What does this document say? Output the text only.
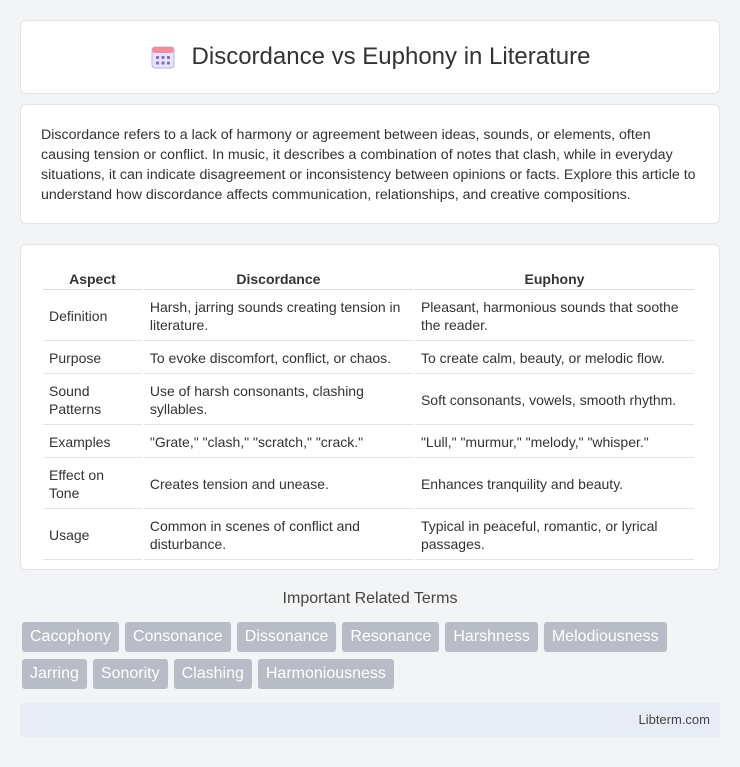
Discordance vs Euphony in Literature

Discordance refers to a lack of harmony or agreement between ideas, sounds, or elements, often causing tension or conflict. In music, it describes a combination of notes that clash, while in everyday situations, it can indicate disagreement or inconsistency between opinions or facts. Explore this article to understand how discordance affects communication, relationships, and creative compositions.

Aspect	Discordance	Euphony
Definition	Harsh, jarring sounds creating tension in literature.	Pleasant, harmonious sounds that soothe the reader.
Purpose	To evoke discomfort, conflict, or chaos.	To create calm, beauty, or melodic flow.
Sound Patterns	Use of harsh consonants, clashing syllables.	Soft consonants, vowels, smooth rhythm.
Examples	"Grate," "clash," "scratch," "crack."	"Lull," "murmur," "melody," "whisper."
Effect on Tone	Creates tension and unease.	Enhances tranquility and beauty.
Usage	Common in scenes of conflict and disturbance.	Typical in peaceful, romantic, or lyrical passages.
Important Related Terms
Cacophony	Consonance	Dissonance	Resonance	Harshness	Melodiousness
Jarring	Sonority	Clashing	Harmoniousness
Libterm.com
